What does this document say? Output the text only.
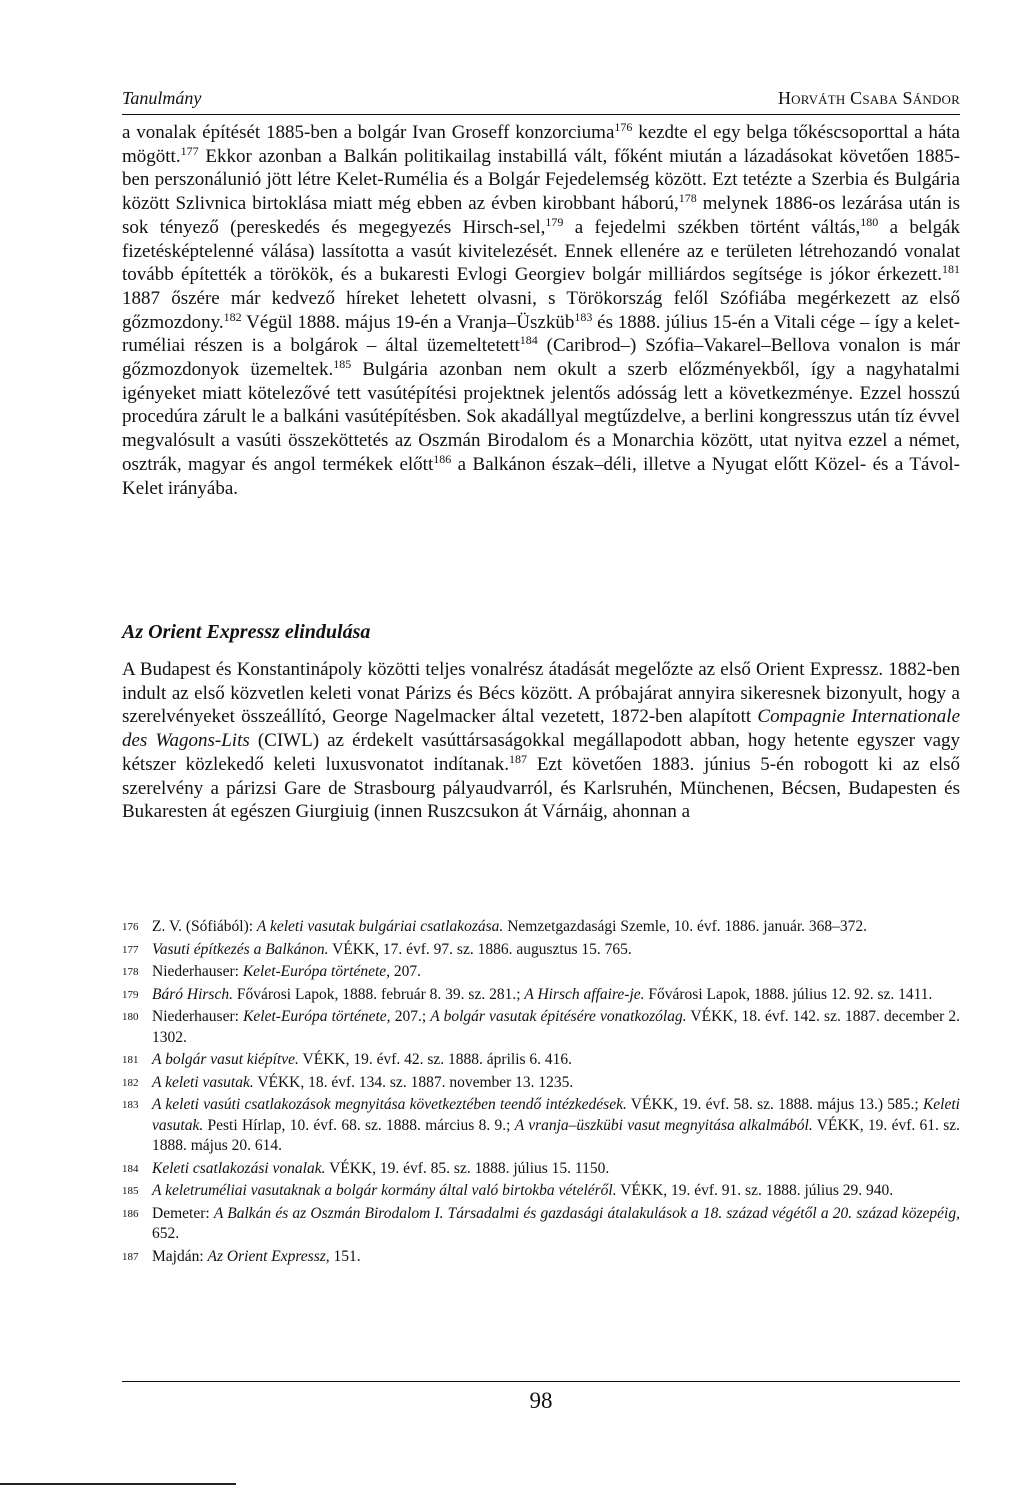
Tanulmány	Horváth Csaba Sándor

a vonalak építését 1885-ben a bolgár Ivan Groseff konzorciuma$^{176}$ kezdte el egy belga tőkéscsoporttal a háta mögött.$^{177}$ Ekkor azonban a Balkán politikailag instabillá vált, főként miután a lázadásokat követően 1885-ben perszonálunió jött létre Kelet-Rumélia és a Bolgár Fejedelemség között. Ezt tetézte a Szerbia és Bulgária között Szlivnica birtoklása miatt még ebben az évben kirobbant háború,$^{178}$ melynek 1886-os lezárása után is sok tényező (pereskedés és megegyezés Hirsch-sel,$^{179}$ a fejedelmi székben történt váltás,$^{180}$ a belgák fizetésképtelenné válása) lassította a vasút kivitelezését. Ennek ellenére az e területen létrehozandó vonalat tovább építették a törökök, és a bukaresti Evlogi Georgiev bolgár milliárdos segítsége is jókor érkezett.$^{181}$ 1887 őszére már kedvező híreket lehetett olvasni, s Törökország felől Szófiába megérkezett az első gőzmozdony.$^{182}$ Végül 1888. május 19-én a Vranja–Üszküb$^{183}$ és 1888. július 15-én a Vitali cége – így a kelet-ruméliai részen is a bolgárok – által üzemeltetett$^{184}$ (Caribrod–) Szófia–Vakarel–Bellova vonalon is már gőzmozdonyok üzemeltek.$^{185}$ Bulgária azonban nem okult a szerb előzményekből, így a nagyhatalmi igényeket miatt kötelezővé tett vasútépítési projektnek jelentős adósság lett a következménye. Ezzel hosszú procedúra zárult le a balkáni vasútépítésben. Sok akadállyal megtűzdelve, a berlini kongresszus után tíz évvel megvalósult a vasúti összeköttetés az Oszmán Birodalom és a Monarchia között, utat nyitva ezzel a német, osztrák, magyar és angol termékek előtt$^{186}$ a Balkánon észak–déli, illetve a Nyugat előtt Közel- és a Távol-Kelet irányába.

Az Orient Expressz elindulása

A Budapest és Konstantinápoly közötti teljes vonalrész átadását megelőzte az első Orient Expressz. 1882-ben indult az első közvetlen keleti vonat Párizs és Bécs között. A próbajárat annyira sikeresnek bizonyult, hogy a szerelvényeket összeállító, George Nagelmacker által vezetett, 1872-ben alapított Compagnie Internationale des Wagons-Lits (CIWL) az érdekelt vasúttársaságokkal megállapodott abban, hogy hetente egyszer vagy kétszer közlekedő keleti luxusvonatot indítanak.$^{187}$ Ezt követően 1883. június 5-én robogott ki az első szerelvény a párizsi Gare de Strasbourg pályaudvarról, és Karlsruhén, Münchenen, Bécsen, Budapesten és Bukaresten át egészen Giurgiuig (innen Ruszcsukon át Várnáig, ahonnan a

176 Z. V. (Sófiából): A keleti vasutak bulgáriai csatlakozása. Nemzetgazdasági Szemle, 10. évf. 1886. január. 368–372.
177 Vasuti építkezés a Balkánon. VÉKK, 17. évf. 97. sz. 1886. augusztus 15. 765.
178 Niederhauser: Kelet-Európa története, 207.
179 Báró Hirsch. Fővárosi Lapok, 1888. február 8. 39. sz. 281.; A Hirsch affaire-je. Fővárosi Lapok, 1888. július 12. 92. sz. 1411.
180 Niederhauser: Kelet-Európa története, 207.; A bolgár vasutak épitésére vonatkozólag. VÉKK, 18. évf. 142. sz. 1887. december 2. 1302.
181 A bolgár vasut kiépítve. VÉKK, 19. évf. 42. sz. 1888. április 6. 416.
182 A keleti vasutak. VÉKK, 18. évf. 134. sz. 1887. november 13. 1235.
183 A keleti vasúti csatlakozások megnyitása következtében teendő intézkedések. VÉKK, 19. évf. 58. sz. 1888. május 13.) 585.; Keleti vasutak. Pesti Hírlap, 10. évf. 68. sz. 1888. március 8. 9.; A vranja–üszkübi vasut megnyitása alkalmából. VÉKK, 19. évf. 61. sz. 1888. május 20. 614.
184 Keleti csatlakozási vonalak. VÉKK, 19. évf. 85. sz. 1888. július 15. 1150.
185 A keletruméliai vasutaknak a bolgár kormány által való birtokba vételéről. VÉKK, 19. évf. 91. sz. 1888. július 29. 940.
186 Demeter: A Balkán és az Oszmán Birodalom I. Társadalmi és gazdasági átalakulások a 18. század végétől a 20. század közepéig, 652.
187 Majdán: Az Orient Expressz, 151.
98
